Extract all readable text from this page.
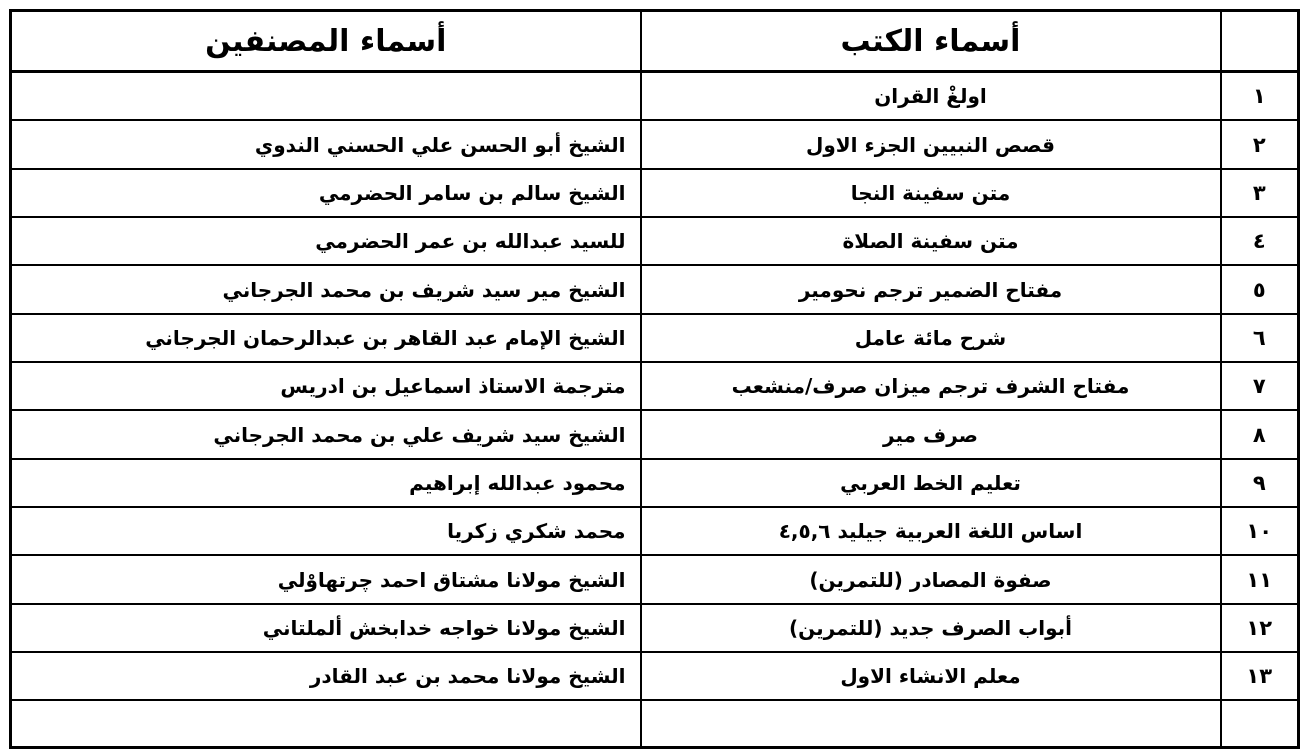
أسماء المصنفين	أسماء الكتب	
	اولغْ القران	١
الشيخ أبو الحسن علي الحسني الندوي	قصص النبيين الجزء الاول	٢
الشيخ سالم بن سامر الحضرمي	متن سفينة النجا	٣
للسيد عبدالله بن عمر الحضرمي	متن سفينة الصلاة	٤
الشيخ مير سيد شريف بن محمد الجرجاني	مفتاح الضمير ترجم نحومير	٥
الشيخ الإمام عبد القاهر بن عبدالرحمان الجرجاني	شرح مائة عامل	٦
مترجمة الاستاذ اسماعيل بن ادريس	مفتاح الشرف ترجم ميزان صرف/منشعب	٧
الشيخ سيد شريف علي بن محمد الجرجاني	صرف مير	٨
محمود عبدالله إبراهيم	تعليم الخط العربي	٩
محمد شكري زكريا	اساس اللغة العربية جيليد ٤,٥,٦	١٠
الشيخ مولانا مشتاق احمد چرتهاوْلي	صفوة المصادر (للتمرين)	١١
الشيخ مولانا خواجه خدابخش ألملتاني	أبواب الصرف جديد (للتمرين)	١٢
الشيخ مولانا محمد بن عبد القادر	معلم الانشاء الاول	١٣
